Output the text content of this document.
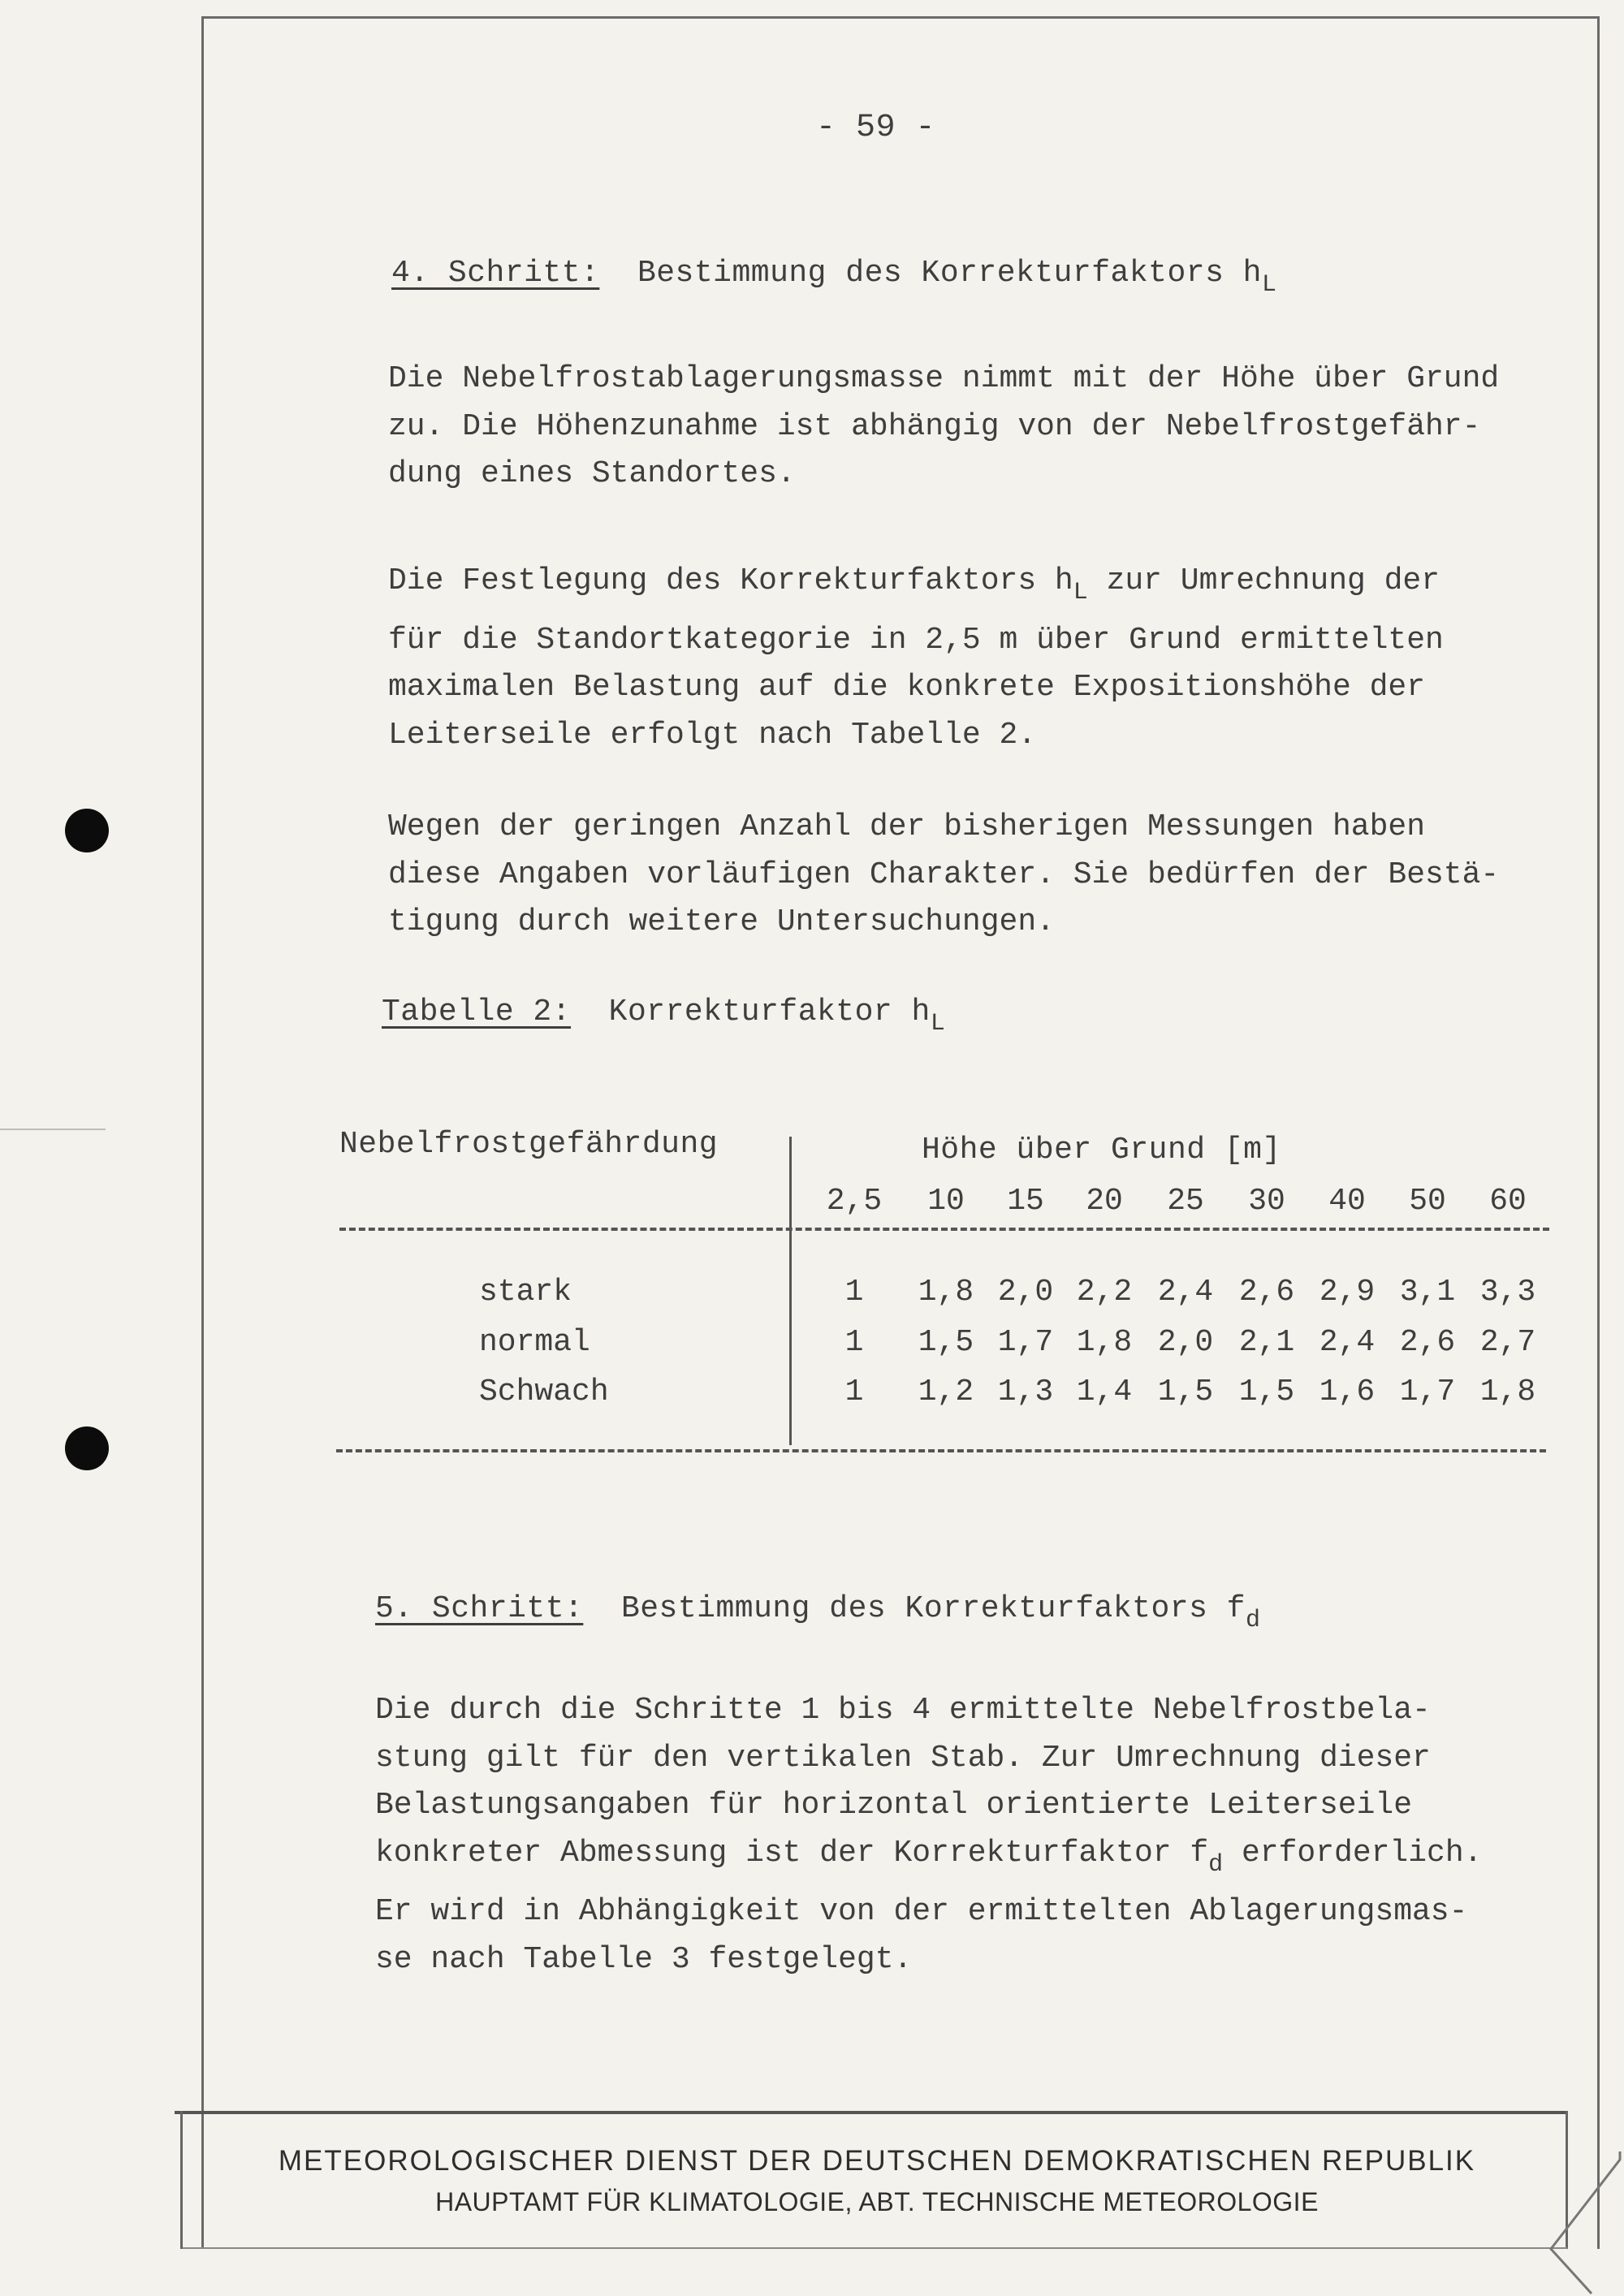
- 59 -
4. Schritt: Bestimmung des Korrekturfaktors $h_L$
Die Nebelfrostablagerungsmasse nimmt mit der Höhe über Grund
zu. Die Höhenzunahme ist abhängig von der Nebelfrostgefähr-
dung eines Standortes.
Die Festlegung des Korrekturfaktors $h_L$ zur Umrechnung der
für die Standortkategorie in 2,5 m über Grund ermittelten
maximalen Belastung auf die konkrete Expositionshöhe der
Leiterseile erfolgt nach Tabelle 2.
Wegen der geringen Anzahl der bisherigen Messungen haben
diese Angaben vorläufigen Charakter. Sie bedürfen der Bestä-
tigung durch weitere Untersuchungen.
Tabelle 2: Korrekturfaktor $h_L$
Nebelfrostgefährdung	Höhe über Grund [m]
2,5	10	15	20	25	30	40	50	60
stark	1	1,8 2,0 2,2 2,4 2,6 2,9 3,1 3,3
normal	1	1,5 1,7 1,8 2,0 2,1 2,4 2,6 2,7
Schwach	1	1,2 1,3 1,4 1,5 1,5 1,6 1,7 1,8
5. Schritt: Bestimmung des Korrekturfaktors $f_d$
Die durch die Schritte 1 bis 4 ermittelte Nebelfrostbela-
stung gilt für den vertikalen Stab. Zur Umrechnung dieser
Belastungsangaben für horizontal orientierte Leiterseile
konkreter Abmessung ist der Korrekturfaktor $f_d$ erforderlich.
Er wird in Abhängigkeit von der ermittelten Ablagerungsmas-
se nach Tabelle 3 festgelegt.
METEOROLOGISCHER DIENST DER DEUTSCHEN DEMOKRATISCHEN REPUBLIK
HAUPTAMT FÜR KLIMATOLOGIE, ABT. TECHNISCHE METEOROLOGIE
